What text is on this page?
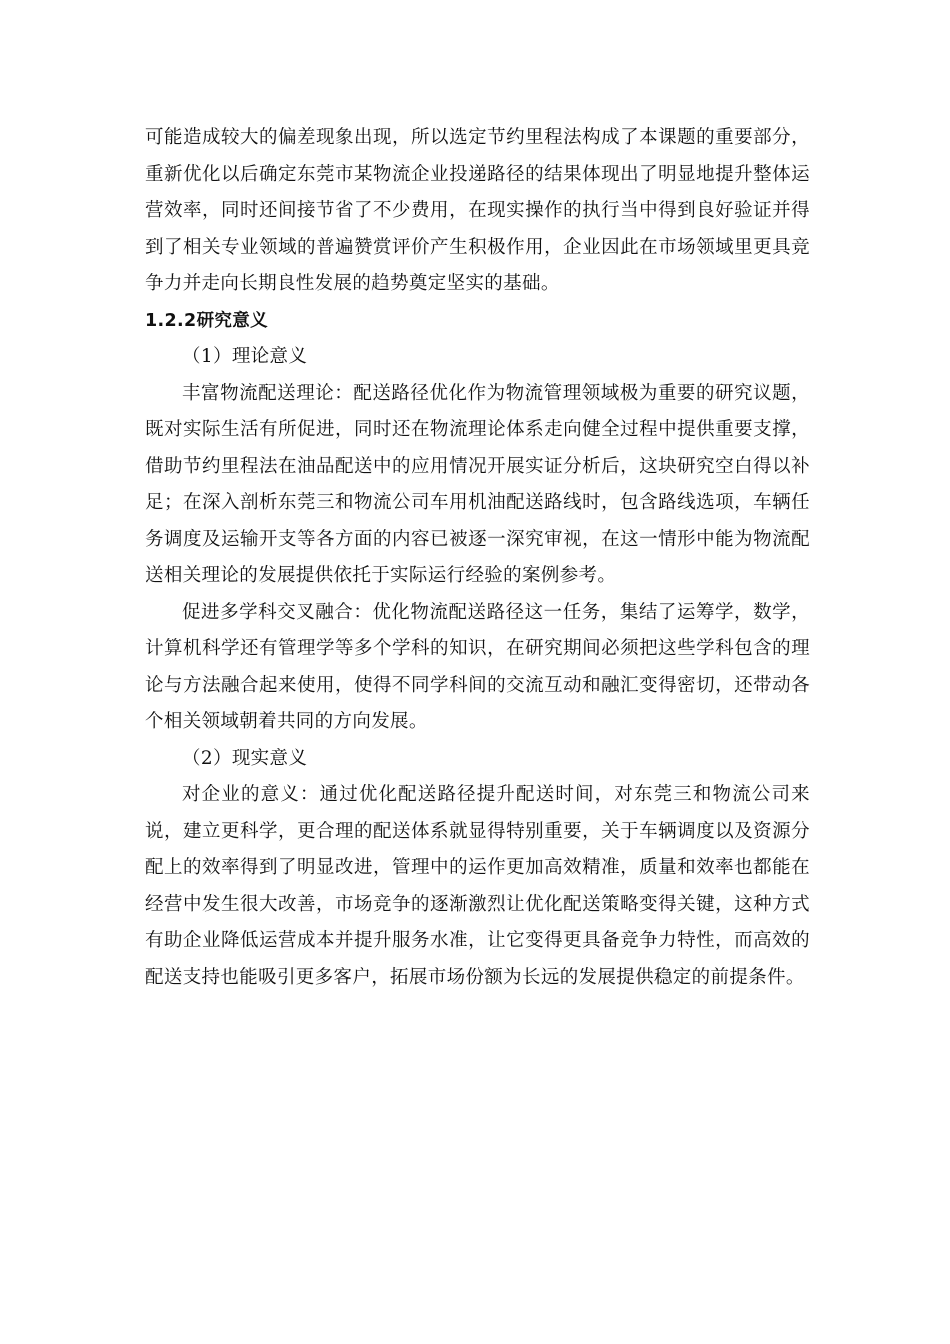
可能造成较大的偏差现象出现，所以选定节约里程法构成了本课题的重要部分，重新优化以后确定东莞市某物流企业投递路径的结果体现出了明显地提升整体运营效率，同时还间接节省了不少费用，在现实操作的执行当中得到良好验证并得到了相关专业领域的普遍赞赏评价产生积极作用，企业因此在市场领域里更具竞争力并走向长期良性发展的趋势奠定坚实的基础。

1.2.2研究意义

（1）理论意义

丰富物流配送理论：配送路径优化作为物流管理领域极为重要的研究议题，既对实际生活有所促进，同时还在物流理论体系走向健全过程中提供重要支撑，借助节约里程法在油品配送中的应用情况开展实证分析后，这块研究空白得以补足；在深入剖析东莞三和物流公司车用机油配送路线时，包含路线选项，车辆任务调度及运输开支等各方面的内容已被逐一深究审视，在这一情形中能为物流配送相关理论的发展提供依托于实际运行经验的案例参考。

促进多学科交叉融合：优化物流配送路径这一任务，集结了运筹学，数学，计算机科学还有管理学等多个学科的知识，在研究期间必须把这些学科包含的理论与方法融合起来使用，使得不同学科间的交流互动和融汇变得密切，还带动各个相关领域朝着共同的方向发展。

（2）现实意义

对企业的意义：通过优化配送路径提升配送时间，对东莞三和物流公司来说，建立更科学，更合理的配送体系就显得特别重要，关于车辆调度以及资源分配上的效率得到了明显改进，管理中的运作更加高效精准，质量和效率也都能在经营中发生很大改善，市场竞争的逐渐激烈让优化配送策略变得关键，这种方式有助企业降低运营成本并提升服务水准，让它变得更具备竞争力特性，而高效的配送支持也能吸引更多客户，拓展市场份额为长远的发展提供稳定的前提条件。
